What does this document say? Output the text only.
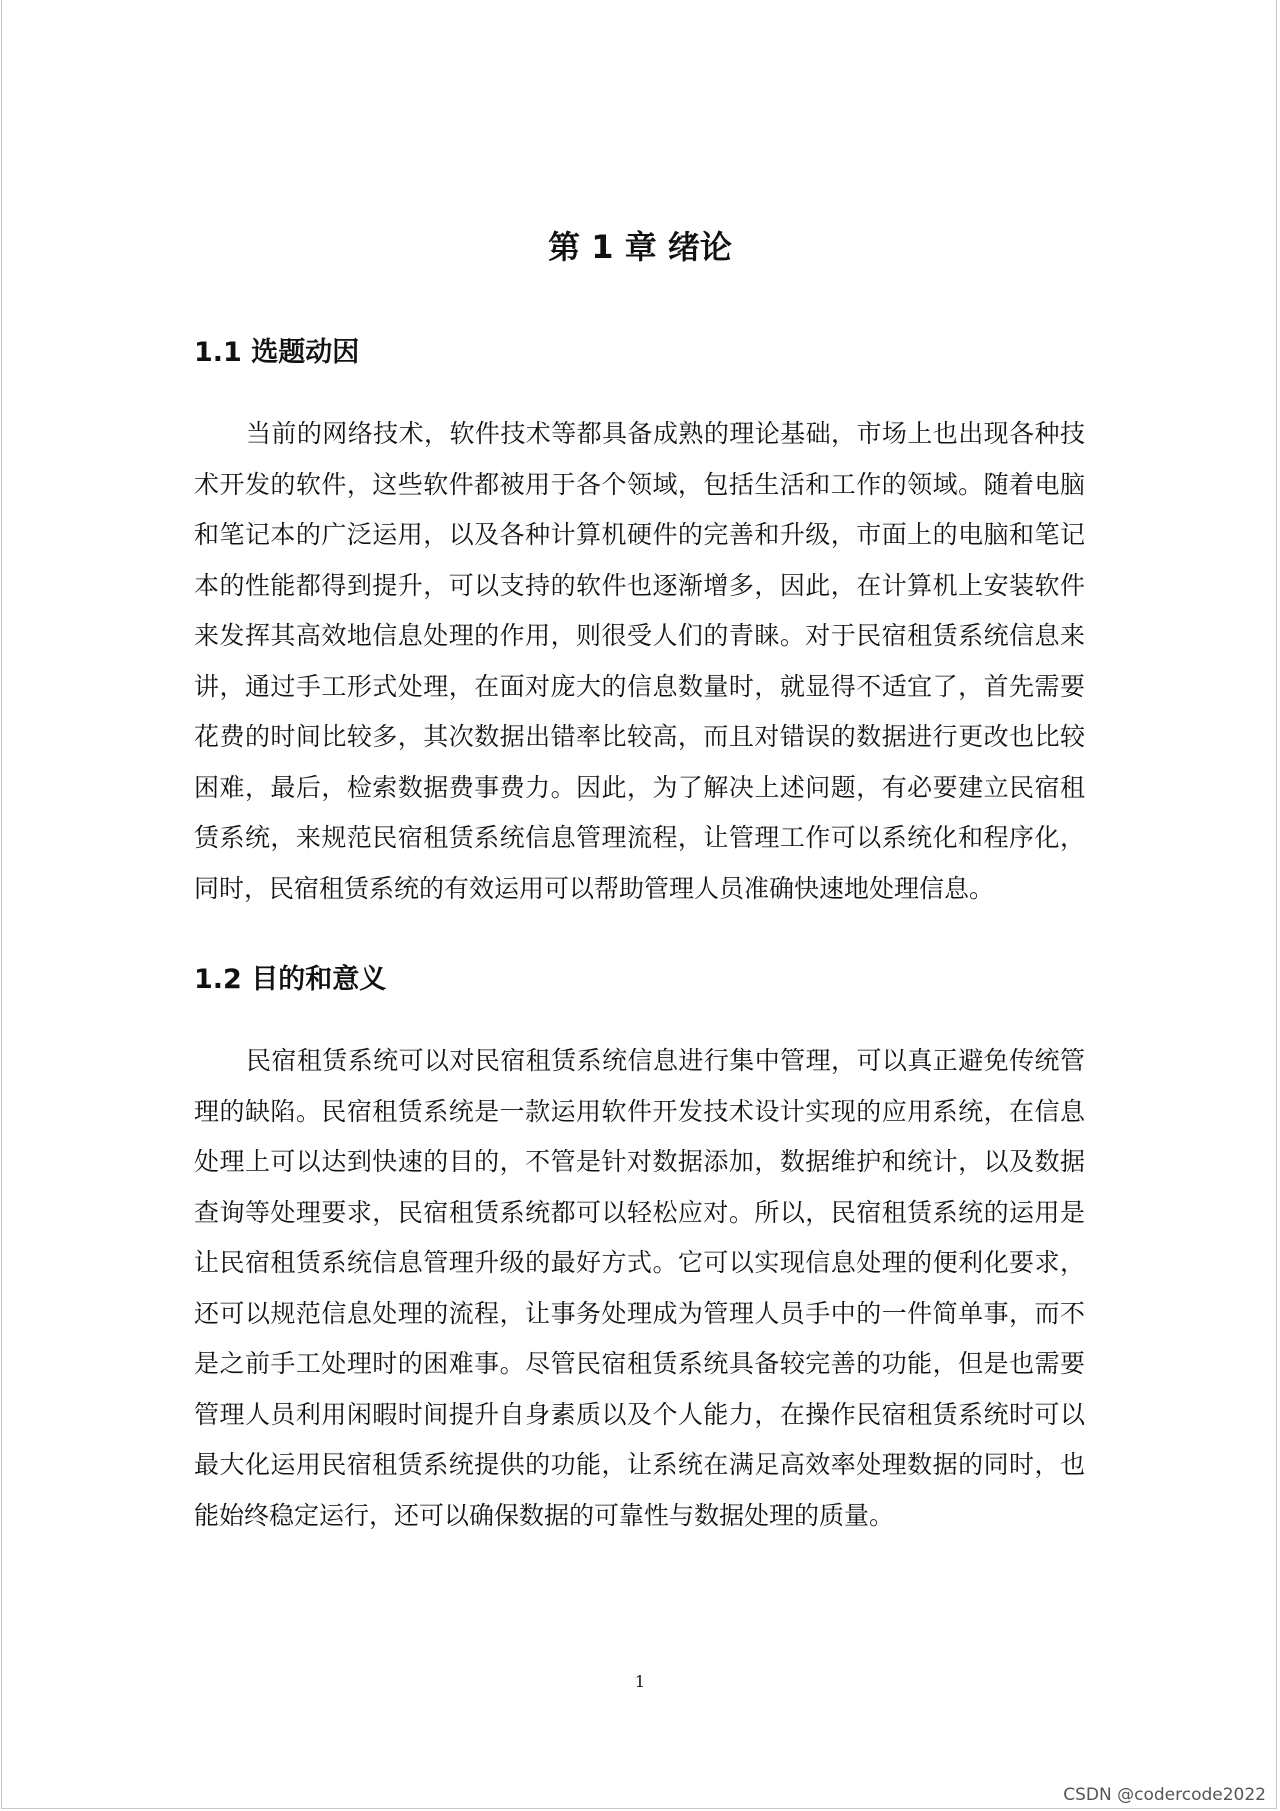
第 1 章 绪论
1.1 选题动因
当前的网络技术，软件技术等都具备成熟的理论基础，市场上也出现各种技
术开发的软件，这些软件都被用于各个领域，包括生活和工作的领域。随着电脑
和笔记本的广泛运用，以及各种计算机硬件的完善和升级，市面上的电脑和笔记
本的性能都得到提升，可以支持的软件也逐渐增多，因此，在计算机上安装软件
来发挥其高效地信息处理的作用，则很受人们的青睐。对于民宿租赁系统信息来
讲，通过手工形式处理，在面对庞大的信息数量时，就显得不适宜了，首先需要
花费的时间比较多，其次数据出错率比较高，而且对错误的数据进行更改也比较
困难，最后，检索数据费事费力。因此，为了解决上述问题，有必要建立民宿租
赁系统，来规范民宿租赁系统信息管理流程，让管理工作可以系统化和程序化，
同时，民宿租赁系统的有效运用可以帮助管理人员准确快速地处理信息。
1.2 目的和意义
民宿租赁系统可以对民宿租赁系统信息进行集中管理，可以真正避免传统管
理的缺陷。民宿租赁系统是一款运用软件开发技术设计实现的应用系统，在信息
处理上可以达到快速的目的，不管是针对数据添加，数据维护和统计，以及数据
查询等处理要求，民宿租赁系统都可以轻松应对。所以，民宿租赁系统的运用是
让民宿租赁系统信息管理升级的最好方式。它可以实现信息处理的便利化要求，
还可以规范信息处理的流程，让事务处理成为管理人员手中的一件简单事，而不
是之前手工处理时的困难事。尽管民宿租赁系统具备较完善的功能，但是也需要
管理人员利用闲暇时间提升自身素质以及个人能力，在操作民宿租赁系统时可以
最大化运用民宿租赁系统提供的功能，让系统在满足高效率处理数据的同时，也
能始终稳定运行，还可以确保数据的可靠性与数据处理的质量。
1
CSDN @codercode2022
